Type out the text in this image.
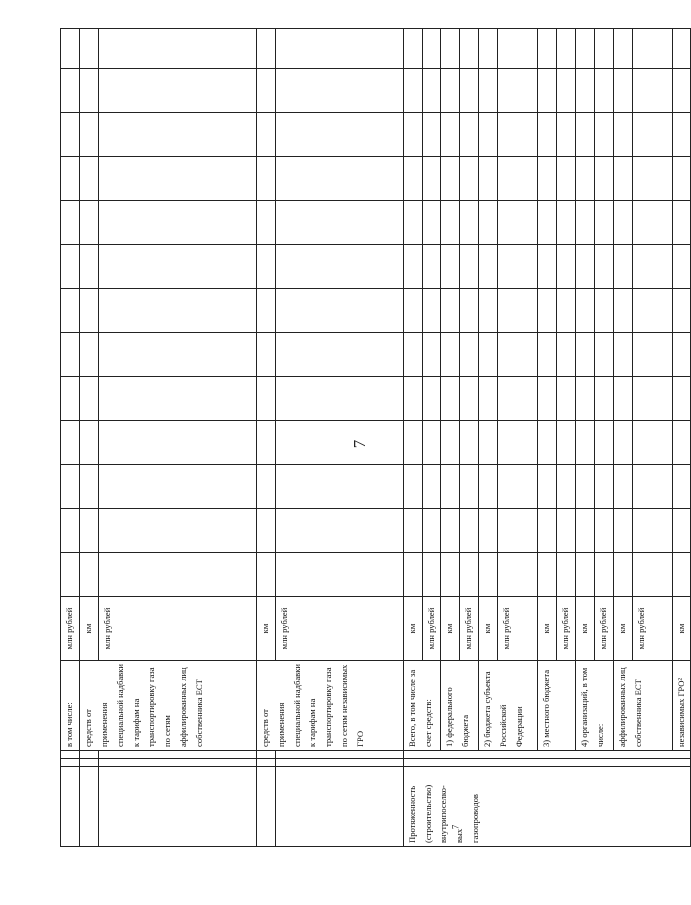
7
			в том числе:	млн рублей													
			средств от применения специальной надбавки к тарифам на транспортировку газа по сетям аффилированных лиц собственника ЕСТ	км													
				млн рублей													
			средств от применения специальной надбавки к тарифам на транспортировку газа по сетям независимых ГРО	км													
				млн рублей													
Протяженность (строительство) внутрипоселко- вых газопроводов			Всего, в том числе за счет средств:	км													
				млн рублей													
			1) федерального бюджета	км													
				млн рублей													
			2) бюджета субъекта Российской Федерации	км													
				млн рублей													
			3) местного бюджета	км													
				млн рублей													
			4) организаций, в том числе:	км													
				млн рублей													
			аффилированных лиц собственника ЕСТ	км													
				млн рублей													
			независимых ГРО²	км													
7
